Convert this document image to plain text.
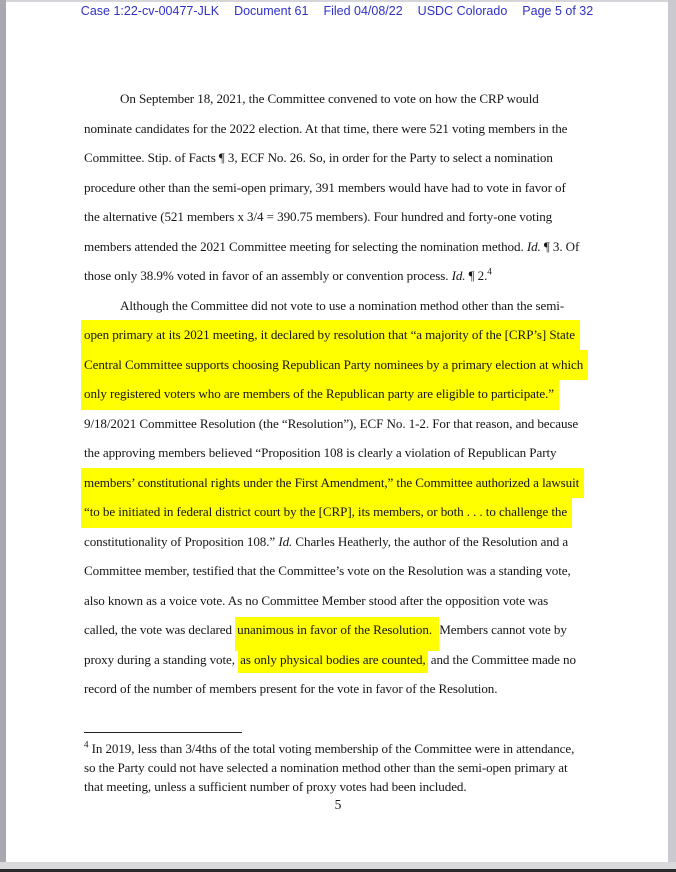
Case 1:22-cv-00477-JLK Document 61 Filed 04/08/22 USDC Colorado Page 5 of 32
On September 18, 2021, the Committee convened to vote on how the CRP would
nominate candidates for the 2022 election. At that time, there were 521 voting members in the
Committee. Stip. of Facts ¶ 3, ECF No. 26. So, in order for the Party to select a nomination
procedure other than the semi-open primary, 391 members would have had to vote in favor of
the alternative (521 members x 3/4 = 390.75 members). Four hundred and forty-one voting
members attended the 2021 Committee meeting for selecting the nomination method. Id. ¶ 3. Of
those only 38.9% voted in favor of an assembly or convention process. Id. ¶ 2.$^4$
Although the Committee did not vote to use a nomination method other than the semi-
open primary at its 2021 meeting, it declared by resolution that “a majority of the [CRP’s] State
Central Committee supports choosing Republican Party nominees by a primary election at which
only registered voters who are members of the Republican party are eligible to participate.”
9/18/2021 Committee Resolution (the “Resolution”), ECF No. 1-2. For that reason, and because
the approving members believed “Proposition 108 is clearly a violation of Republican Party
members’ constitutional rights under the First Amendment,” the Committee authorized a lawsuit
“to be initiated in federal district court by the [CRP], its members, or both . . . to challenge the
constitutionality of Proposition 108.” Id. Charles Heatherly, the author of the Resolution and a
Committee member, testified that the Committee’s vote on the Resolution was a standing vote,
also known as a voice vote. As no Committee Member stood after the opposition vote was
called, the vote was declared unanimous in favor of the Resolution. Members cannot vote by
proxy during a standing vote, as only physical bodies are counted, and the Committee made no
record of the number of members present for the vote in favor of the Resolution.
$^4$ In 2019, less than 3/4ths of the total voting membership of the Committee were in attendance,
so the Party could not have selected a nomination method other than the semi-open primary at
that meeting, unless a sufficient number of proxy votes had been included.
5
